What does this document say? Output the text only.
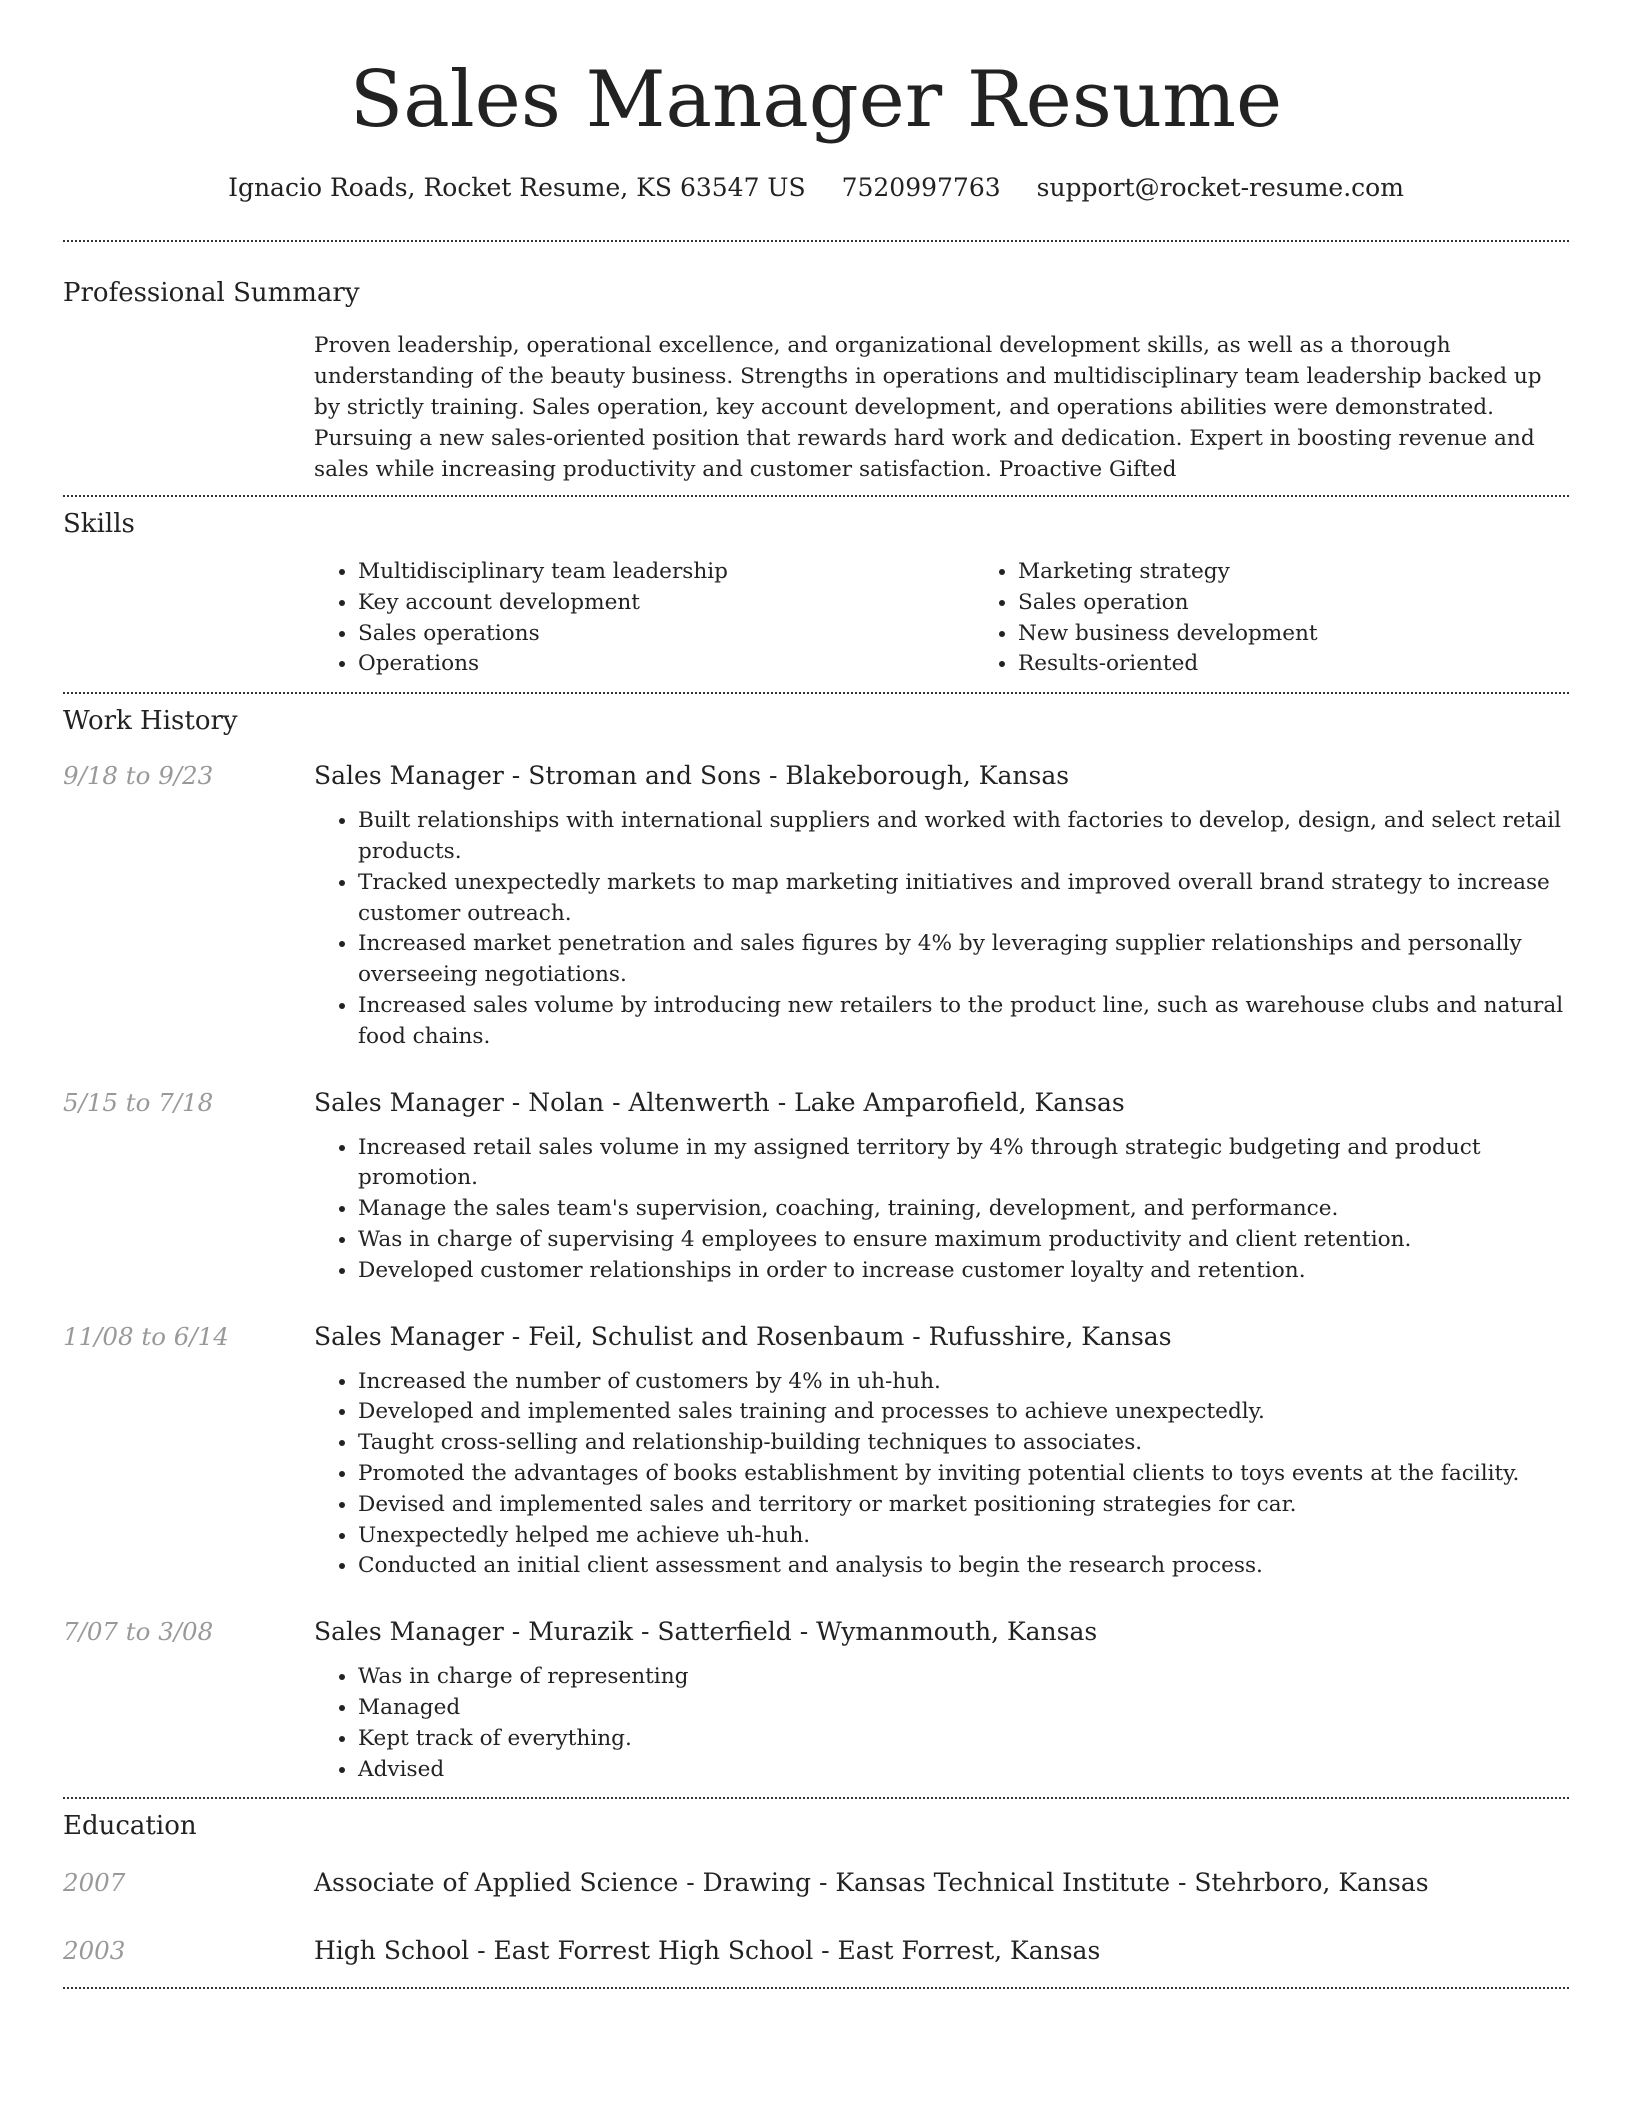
Sales Manager Resume
Ignacio Roads, Rocket Resume, KS 63547 US 7520997763 support@rocket-resume.com
Professional Summary

Proven leadership, operational excellence, and organizational development skills, as well as a thorough understanding of the beauty business. Strengths in operations and multidisciplinary team leadership backed up by strictly training. Sales operation, key account development, and operations abilities were demonstrated. Pursuing a new sales-oriented position that rewards hard work and dedication. Expert in boosting revenue and sales while increasing productivity and customer satisfaction. Proactive Gifted

Skills
• Multidisciplinary team leadership
• Key account development
• Sales operations
• Operations
• Marketing strategy
• Sales operation
• New business development
• Results-oriented
Work History
9/18 to 9/23	Sales Manager - Stroman and Sons - Blakeborough, Kansas
• Built relationships with international suppliers and worked with factories to develop, design, and select retail products.
• Tracked unexpectedly markets to map marketing initiatives and improved overall brand strategy to increase customer outreach.
• Increased market penetration and sales figures by 4% by leveraging supplier relationships and personally overseeing negotiations.
• Increased sales volume by introducing new retailers to the product line, such as warehouse clubs and natural food chains.
5/15 to 7/18	Sales Manager - Nolan - Altenwerth - Lake Amparofield, Kansas
• Increased retail sales volume in my assigned territory by 4% through strategic budgeting and product promotion.
• Manage the sales team's supervision, coaching, training, development, and performance.
• Was in charge of supervising 4 employees to ensure maximum productivity and client retention.
• Developed customer relationships in order to increase customer loyalty and retention.
11/08 to 6/14	Sales Manager - Feil, Schulist and Rosenbaum - Rufusshire, Kansas
• Increased the number of customers by 4% in uh-huh.
• Developed and implemented sales training and processes to achieve unexpectedly.
• Taught cross-selling and relationship-building techniques to associates.
• Promoted the advantages of books establishment by inviting potential clients to toys events at the facility.
• Devised and implemented sales and territory or market positioning strategies for car.
• Unexpectedly helped me achieve uh-huh.
• Conducted an initial client assessment and analysis to begin the research process.
7/07 to 3/08	Sales Manager - Murazik - Satterfield - Wymanmouth, Kansas
• Was in charge of representing
• Managed
• Kept track of everything.
• Advised
Education
2007	Associate of Applied Science - Drawing - Kansas Technical Institute - Stehrboro, Kansas
2003	High School - East Forrest High School - East Forrest, Kansas
